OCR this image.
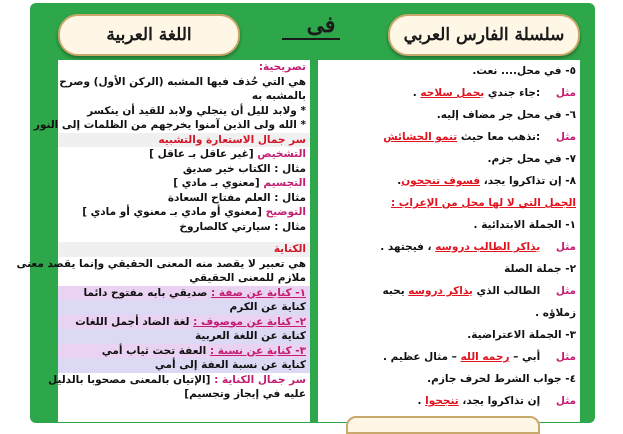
اللغة العربية	فى	سلسلة الفارس العربي
تصريحية:
هي التي حُذف فيها المشبه (الركن الأول) وصرح
بالمشبه به
* ولابد لليل أن ينجلي ولابد للقيد أن ينكسر
* الله ولى الذين آمنوا يخرجهم من الظلمات إلى النور
سر جمال الاستعارة والتشبيه
التشخيص [غير عاقل بـ عاقل ]
مثال : الكتاب خير صديق
التجسيم [معنوي بـ مادي ]
مثال : العلم مفتاح السعادة
التوضيح [معنوي أو مادي بـ معنوي أو مادي ]
مثال : سيارتي كالصاروخ
الكناية
هي تعبير لا يقصد منه المعنى الحقيقي وإنما يقصد معنى
ملازم للمعنى الحقيقي
١- كناية عن صفة : صديقي بابه مفتوح دائما
كناية عن الكرم
٢- كناية عن موصوف : لغة الضاد أجمل اللغات
كناية عن اللغة العربية
٣- كناية عن نسبة : العفة تحت ثياب أمي
كناية عن نسبة العفة إلى أمي
سر جمال الكناية : [الإتيان بالمعنى مصحوبا بالدليل
عليه في إيجاز وتجسيم]
٥- في محل.... نعت.
مثل :جاء جندي يحمل سلاحه .
٦- في محل جر مضاف إليه.
مثل :نذهب معا حيث تنمو الحشائش
٧- في محل جزم.
٨- إن تذاكروا يجد، فسوف تنجحون.
الجمل التي لا لها محل من الإعراب :
١- الجملة الابتدائية .
مثل يذاكر الطالب دروسه ، فيجتهد .
٢- جملة الصلة
مثل الطالب الذي يذاكر دروسه يحبه
زملاؤه .
٣- الجملة الاعتراضية.
مثل أبي – رحمه الله – مثال عظيم .
٤- جواب الشرط لحرف جازم.
مثل إن تذاكروا يجد، تنجحوا .
